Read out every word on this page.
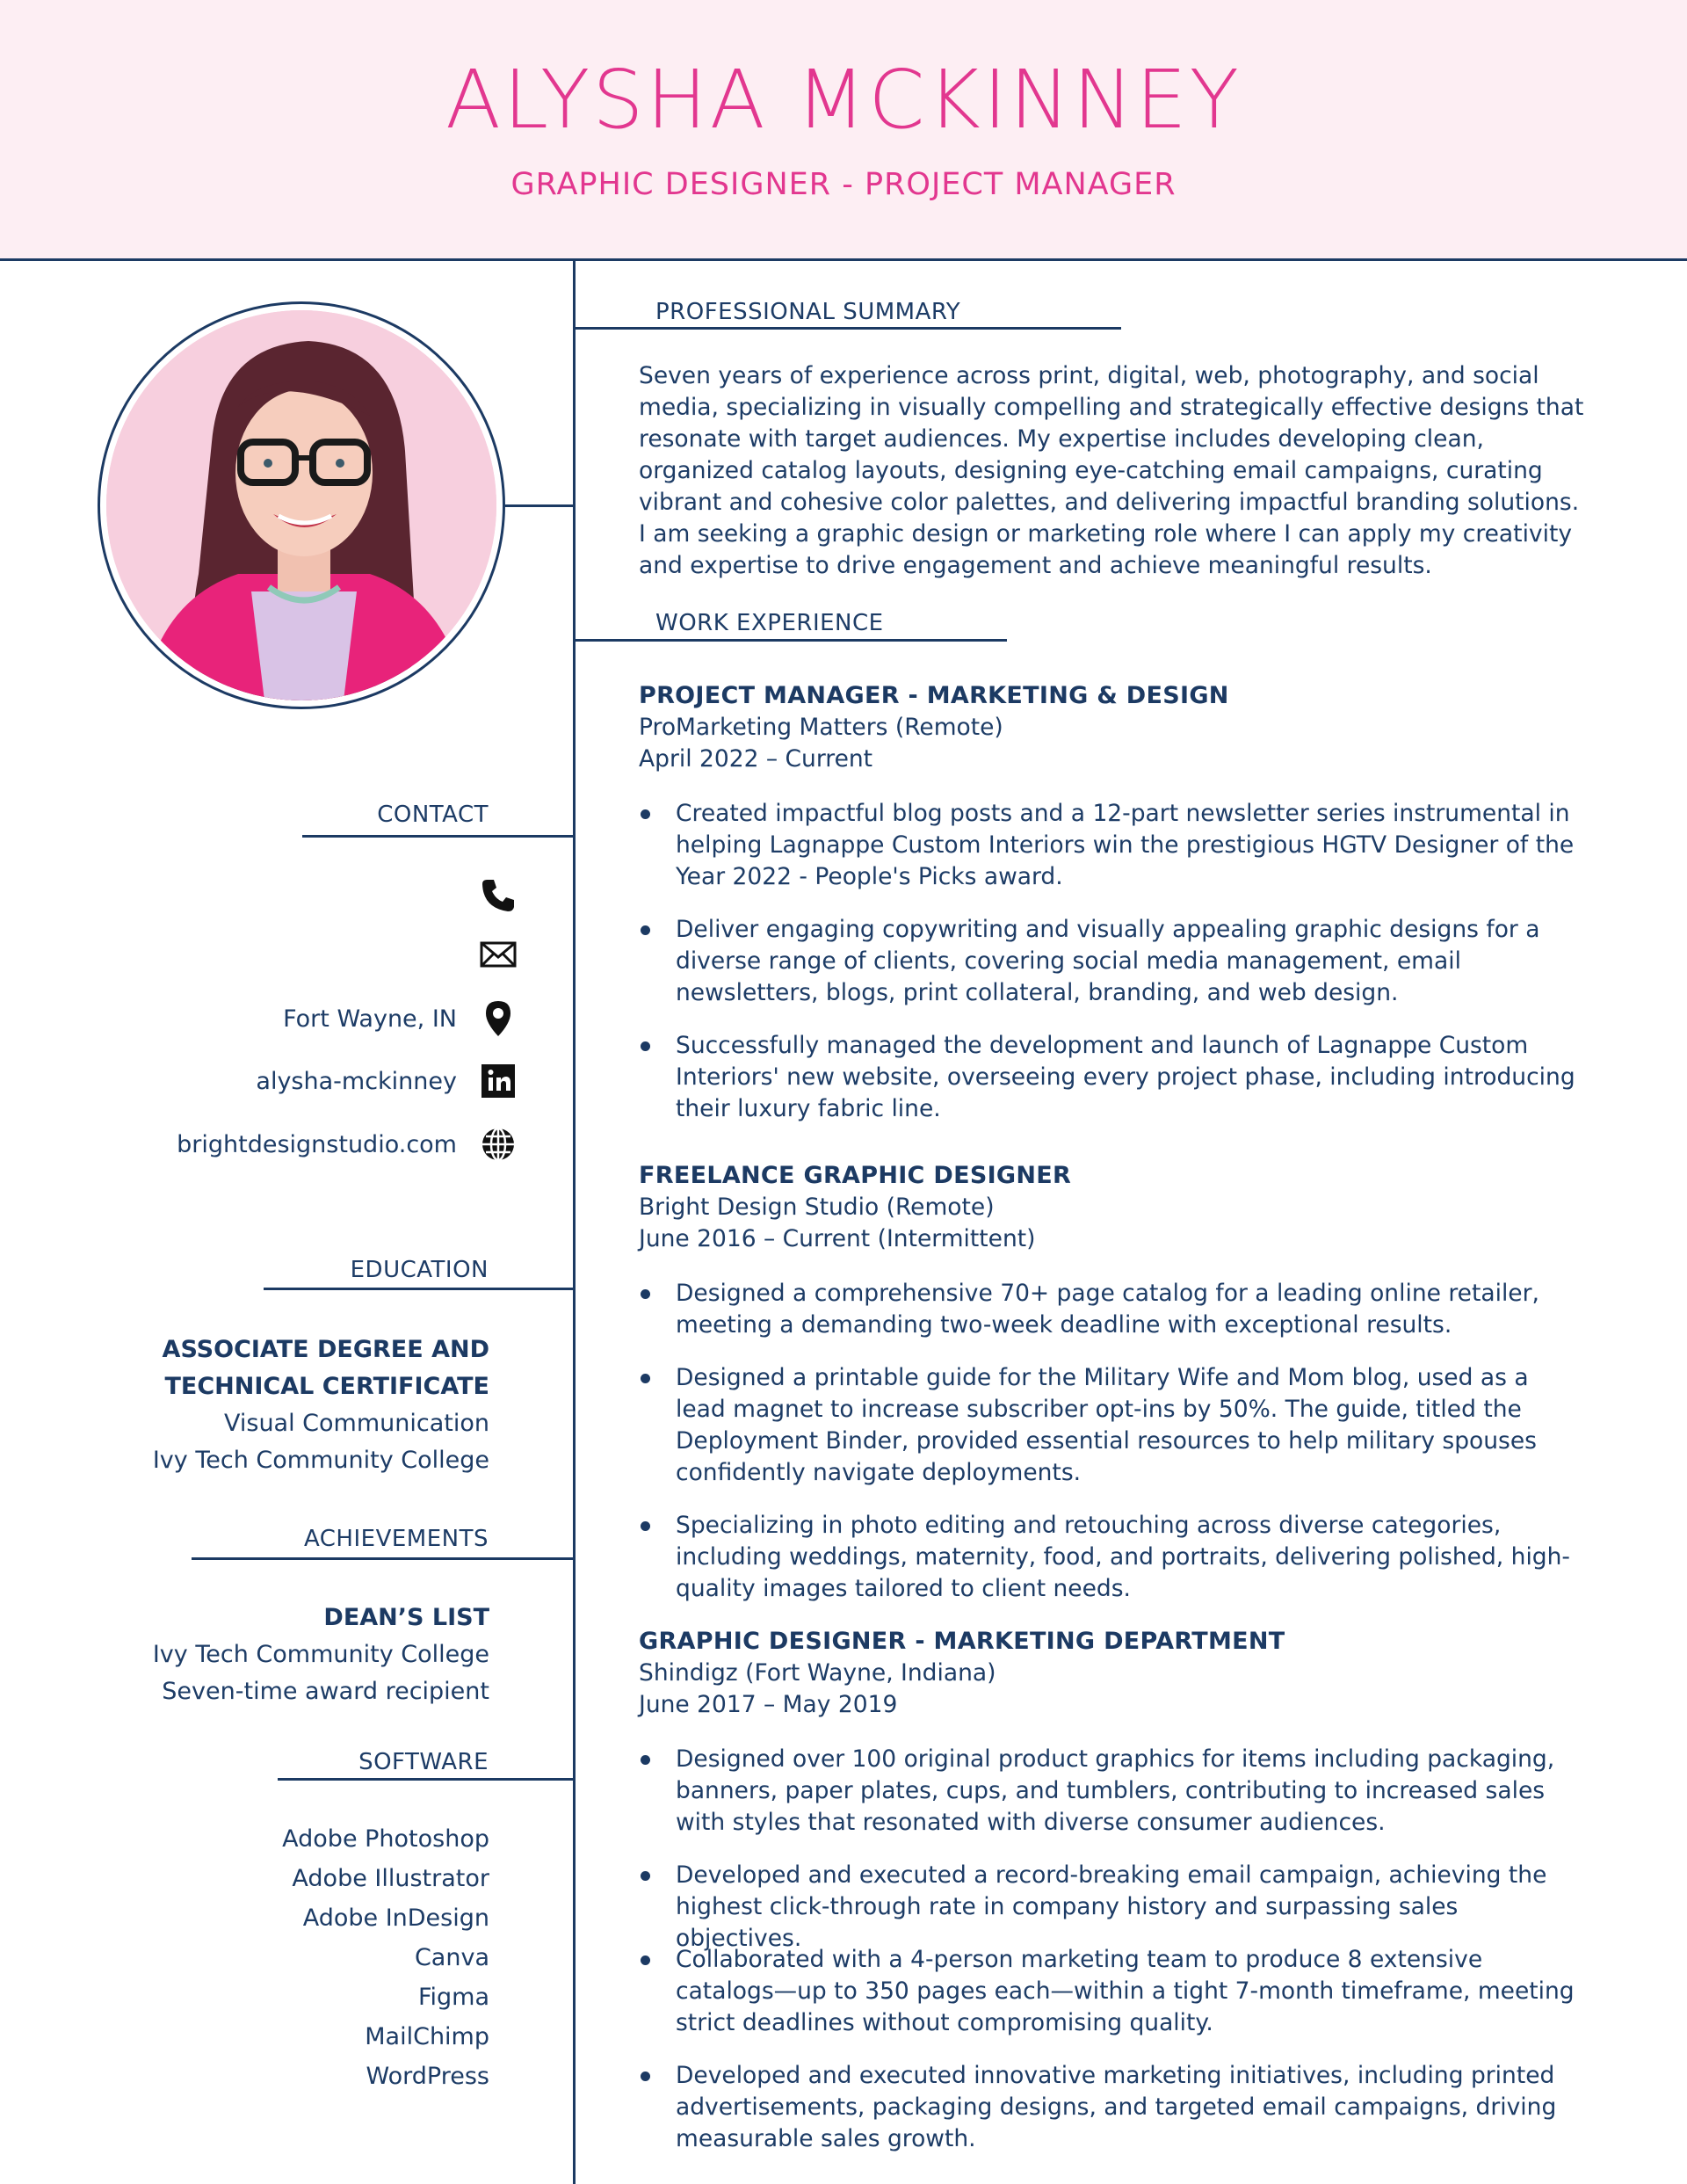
ALYSHA MCKINNEY
GRAPHIC DESIGNER - PROJECT MANAGER
PROFESSIONAL SUMMARY
Seven years of experience across print, digital, web, photography, and social media, specializing in visually compelling and strategically effective designs that resonate with target audiences. My expertise includes developing clean, organized catalog layouts, designing eye-catching email campaigns, curating vibrant and cohesive color palettes, and delivering impactful branding solutions. I am seeking a graphic design or marketing role where I can apply my creativity and expertise to drive engagement and achieve meaningful results.
WORK EXPERIENCE
PROJECT MANAGER - MARKETING & DESIGN
ProMarketing Matters (Remote)
April 2022 – Current
Created impactful blog posts and a 12-part newsletter series instrumental in helping Lagnappe Custom Interiors win the prestigious HGTV Designer of the Year 2022 - People's Picks award.
Deliver engaging copywriting and visually appealing graphic designs for a diverse range of clients, covering social media management, email newsletters, blogs, print collateral, branding, and web design.
Successfully managed the development and launch of Lagnappe Custom Interiors' new website, overseeing every project phase, including introducing their luxury fabric line.
FREELANCE GRAPHIC DESIGNER
Bright Design Studio (Remote)
June 2016 – Current (Intermittent)
Designed a comprehensive 70+ page catalog for a leading online retailer, meeting a demanding two-week deadline with exceptional results.
Designed a printable guide for the Military Wife and Mom blog, used as a lead magnet to increase subscriber opt-ins by 50%. The guide, titled the Deployment Binder, provided essential resources to help military spouses confidently navigate deployments.
Specializing in photo editing and retouching across diverse categories, including weddings, maternity, food, and portraits, delivering polished, high-quality images tailored to client needs.
GRAPHIC DESIGNER - MARKETING DEPARTMENT
Shindigz (Fort Wayne, Indiana)
June 2017 – May 2019
Designed over 100 original product graphics for items including packaging, banners, paper plates, cups, and tumblers, contributing to increased sales with styles that resonated with diverse consumer audiences.
Developed and executed a record-breaking email campaign, achieving the highest click-through rate in company history and surpassing sales objectives.
Collaborated with a 4-person marketing team to produce 8 extensive catalogs—up to 350 pages each—within a tight 7-month timeframe, meeting strict deadlines without compromising quality.
Developed and executed innovative marketing initiatives, including printed advertisements, packaging designs, and targeted email campaigns, driving measurable sales growth.
CONTACT
Fort Wayne, IN
alysha-mckinney
brightdesignstudio.com
EDUCATION
ASSOCIATE DEGREE AND
TECHNICAL CERTIFICATE
Visual Communication
Ivy Tech Community College
ACHIEVEMENTS
DEAN’S LIST
Ivy Tech Community College
Seven-time award recipient
SOFTWARE
Adobe Photoshop
Adobe Illustrator
Adobe InDesign
Canva
Figma
MailChimp
WordPress
